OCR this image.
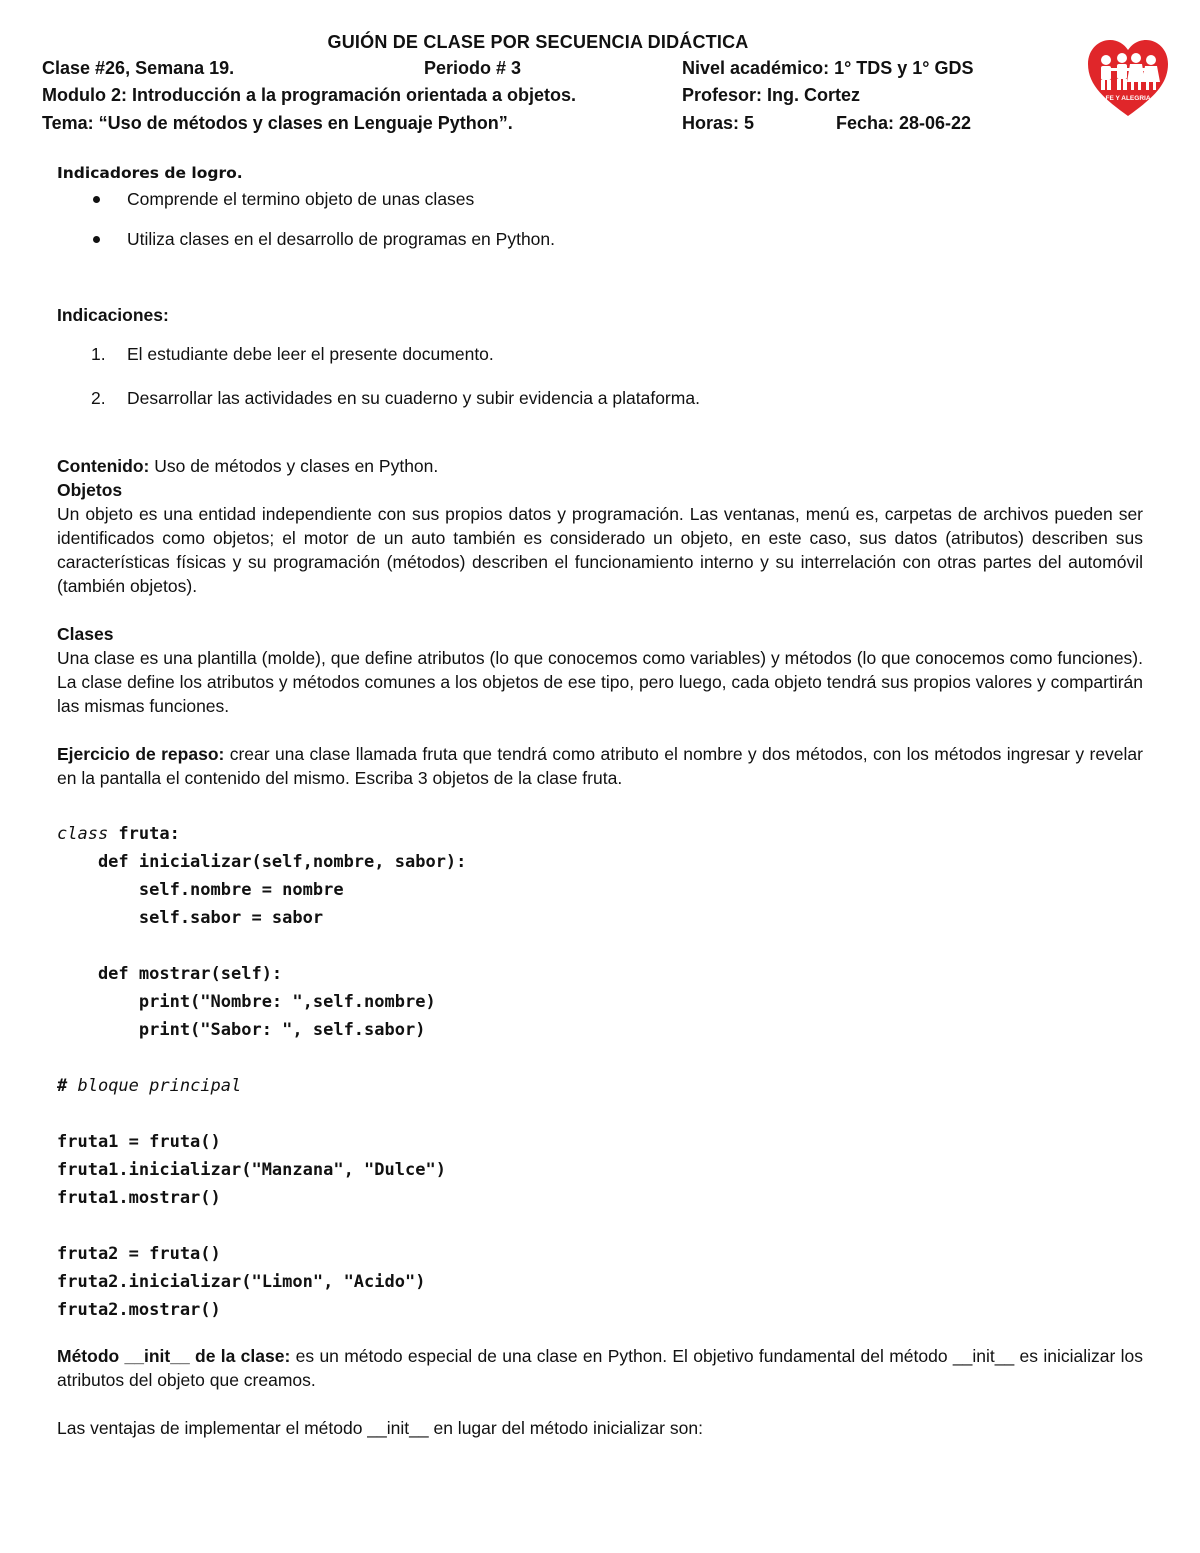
GUIÓN DE CLASE POR SECUENCIA DIDÁCTICA
Clase #26, Semana 19.	Periodo # 3	Nivel académico: 1° TDS y 1° GDS
Modulo 2: Introducción a la programación orientada a objetos.	Profesor: Ing. Cortez
Tema: “Uso de métodos y clases en Lenguaje Python”.	Horas: 5	Fecha: 28-06-22
FE Y ALEGRIA
Indicadores de logro.
Comprende el termino objeto de unas clases
Utiliza clases en el desarrollo de programas en Python.
Indicaciones:
1. El estudiante debe leer el presente documento.
2. Desarrollar las actividades en su cuaderno y subir evidencia a plataforma.
Contenido: Uso de métodos y clases en Python.
Objetos
Un objeto es una entidad independiente con sus propios datos y programación. Las ventanas, menú es, carpetas de archivos pueden ser identificados como objetos; el motor de un auto también es considerado un objeto, en este caso, sus datos (atributos) describen sus características físicas y su programación (métodos) describen el funcionamiento interno y su interrelación con otras partes del automóvil (también objetos).
Clases
Una clase es una plantilla (molde), que define atributos (lo que conocemos como variables) y métodos (lo que conocemos como funciones). La clase define los atributos y métodos comunes a los objetos de ese tipo, pero luego, cada objeto tendrá sus propios valores y compartirán las mismas funciones.
Ejercicio de repaso: crear una clase llamada fruta que tendrá como atributo el nombre y dos métodos, con los métodos ingresar y revelar en la pantalla el contenido del mismo. Escriba 3 objetos de la clase fruta.
class fruta:
def inicializar(self,nombre, sabor):
self.nombre = nombre
self.sabor = sabor

def mostrar(self):
print("Nombre: ",self.nombre)
print("Sabor: ", self.sabor)

# bloque principal

fruta1 = fruta()
fruta1.inicializar("Manzana", "Dulce")
fruta1.mostrar()

fruta2 = fruta()
fruta2.inicializar("Limon", "Acido")
fruta2.mostrar()
Método __init__ de la clase: es un método especial de una clase en Python. El objetivo fundamental del método __init__ es inicializar los atributos del objeto que creamos.
Las ventajas de implementar el método __init__ en lugar del método inicializar son:
